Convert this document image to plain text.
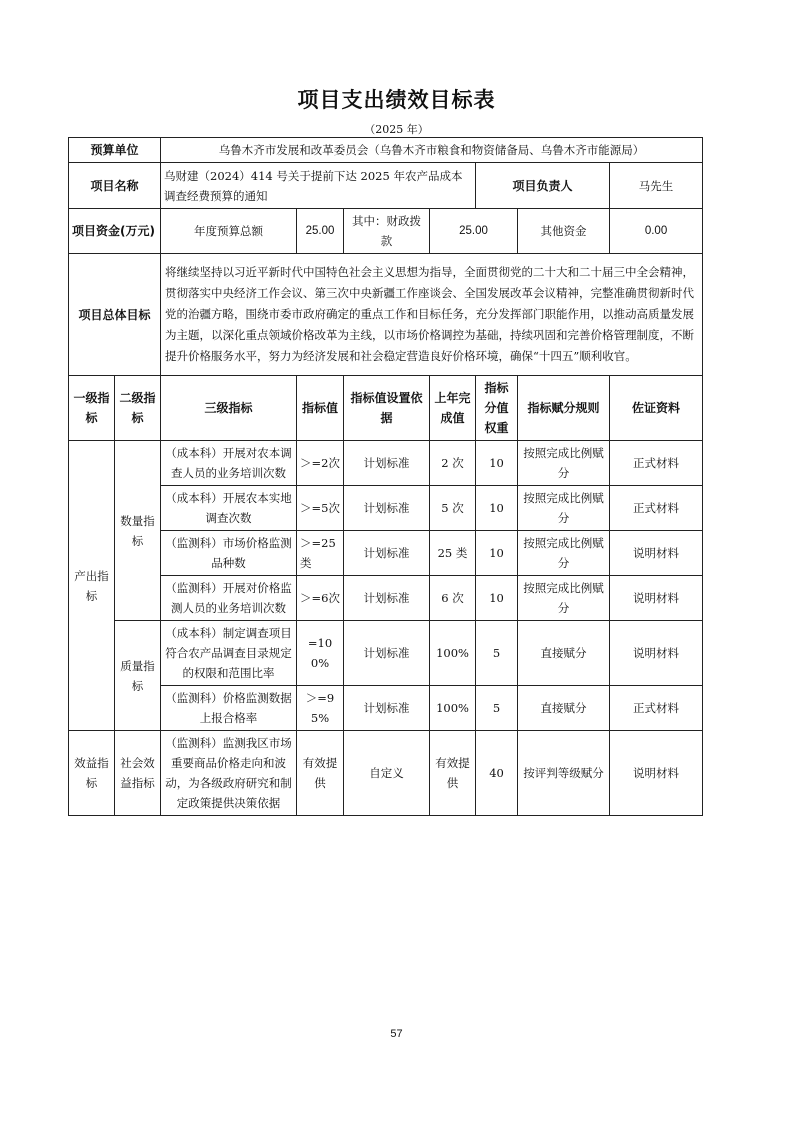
项目支出绩效目标表
（2025 年）
预算单位		乌鲁木齐市发展和改革委员会（乌鲁木齐市粮食和物资储备局、乌鲁木齐市能源局）						
项目名称		乌财建（2024）414 号关于提前下达 2025 年农产品成本调查经费预算的通知				项目负责人		马先生
项目资金(万元)		年度预算总额	25.00	其中：财政拨款	25.00		其他资金	0.00
项目总体目标		将继续坚持以习近平新时代中国特色社会主义思想为指导，全面贯彻党的二十大和二十届三中全会精神，贯彻落实中央经济工作会议、第三次中央新疆工作座谈会、全国发展改革会议精神，完整准确贯彻新时代党的治疆方略，围绕市委市政府确定的重点工作和目标任务，充分发挥部门职能作用，以推动高质量发展为主题，以深化重点领域价格改革为主线，以市场价格调控为基础，持续巩固和完善价格管理制度，不断提升价格服务水平，努力为经济发展和社会稳定营造良好价格环境，确保“十四五”顺利收官。						
一级指标	二级指标	三级指标	指标值	指标值设置依据	上年完成值	指标分值权重	指标赋分规则	佐证资料
产出指标	数量指标	（成本科）开展对农本调查人员的业务培训次数	＞=2次	计划标准	2 次	10	按照完成比例赋分	正式材料
		（成本科）开展农本实地调查次数	＞=5次	计划标准	5 次	10	按照完成比例赋分	正式材料
		（监测科）市场价格监测品种数	＞=25类	计划标准	25 类	10	按照完成比例赋分	说明材料
		（监测科）开展对价格监测人员的业务培训次数	＞=6次	计划标准	6 次	10	按照完成比例赋分	说明材料
	质量指标	（成本科）制定调查项目符合农产品调查目录规定的权限和范围比率	=100%	计划标准	100%	5	直接赋分	说明材料
		（监测科）价格监测数据上报合格率	＞=95%	计划标准	100%	5	直接赋分	正式材料
效益指标	社会效益指标	（监测科）监测我区市场重要商品价格走向和波动，为各级政府研究和制定政策提供决策依据	有效提供	自定义	有效提供	40	按评判等级赋分	说明材料
57
